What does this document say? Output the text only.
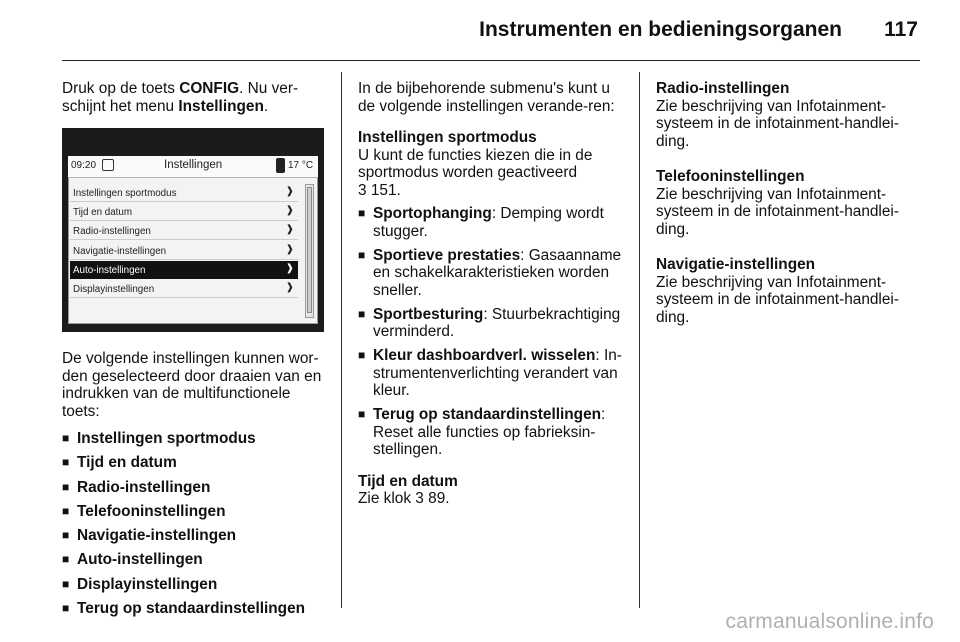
Instrumenten en bedieningsorganen 117

Druk op de toets CONFIG. Nu ver-schijnt het menu Instellingen.

09:20	Instellingen	17 °C
Instellingen sportmodus	❱
Tijd en datum	❱
Radio-instellingen	❱
Navigatie-instellingen	❱
Auto-instellingen	❱
Displayinstellingen	❱

De volgende instellingen kunnen wor-den geselecteerd door draaien van en indrukken van de multifunctionele toets:

■ Instellingen sportmodus
■ Tijd en datum
■ Radio-instellingen
■ Telefooninstellingen
■ Navigatie-instellingen
■ Auto-instellingen
■ Displayinstellingen
■ Terug op standaardinstellingen

In de bijbehorende submenu's kunt u de volgende instellingen verande-ren:

Instellingen sportmodus
U kunt de functies kiezen die in de sportmodus worden geactiveerd
3 151.

■ Sportophanging: Demping wordt stugger.
■ Sportieve prestaties: Gasaanname en schakelkarakteristieken worden sneller.
■ Sportbesturing: Stuurbekrachtiging verminderd.
■ Kleur dashboardverl. wisselen: In-strumentenverlichting verandert van kleur.
■ Terug op standaardinstellingen: Reset alle functies op fabrieksin-stellingen.

Tijd en datum
Zie klok 3 89.

Radio-instellingen
Zie beschrijving van Infotainment-systeem in de infotainment-handlei-ding.

Telefooninstellingen
Zie beschrijving van Infotainment-systeem in de infotainment-handlei-ding.

Navigatie-instellingen
Zie beschrijving van Infotainment-systeem in de infotainment-handlei-ding.

carmanualsonline.info
